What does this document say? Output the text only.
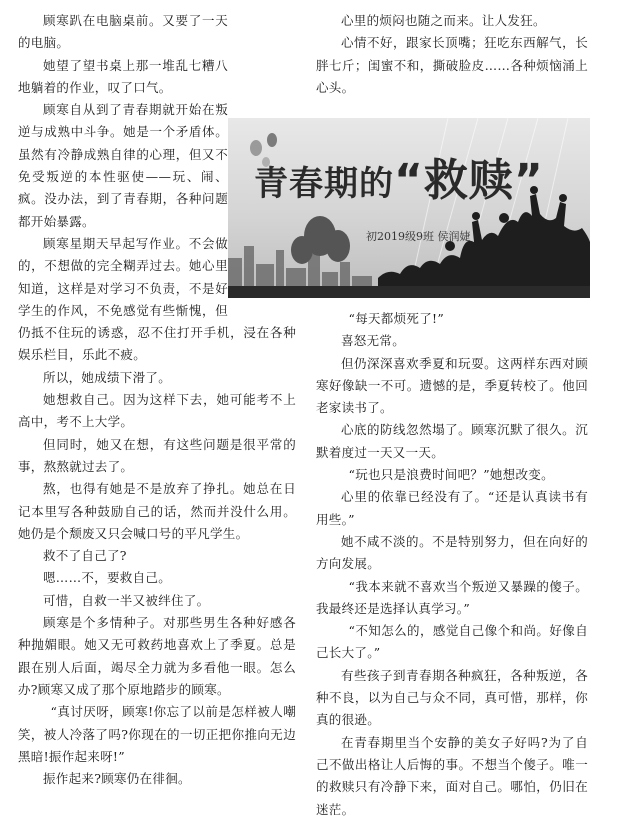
顾寒趴在电脑桌前。又要了一天的电脑。

她望了望书桌上那一堆乱七糟八地躺着的作业，叹了口气。

顾寒自从到了青春期就开始在叛逆与成熟中斗争。她是一个矛盾体。虽然有冷静成熟自律的心理，但又不免受叛逆的本性驱使——玩、闹、疯。没办法，到了青春期，各种问题都开始暴露。

顾寒星期天早起写作业。不会做的，不想做的完全糊弄过去。她心里知道，这样是对学习不负责，不是好学生的作风，不免感觉有些惭愧，但仍抵不住玩的诱惑，忍不住打开手机，浸在各种娱乐栏目，乐此不疲。

所以，她成绩下滑了。

她想救自己。因为这样下去，她可能考不上高中，考不上大学。

但同时，她又在想，有这些问题是很平常的事，熬熬就过去了。

熬，也得有她是不是放弃了挣扎。她总在日记本里写各种鼓励自己的话，然而并没什么用。她仍是个颓废又只会喊口号的平凡学生。

救不了自己了?

嗯……不，要救自己。

可惜，自救一半又被绊住了。

顾寒是个多情种子。对那些男生各种好感各种抛媚眼。她又无可救药地喜欢上了季夏。总是跟在别人后面，竭尽全力就为多看他一眼。怎么办?顾寒又成了那个原地踏步的顾寒。

“真讨厌呀，顾寒!你忘了以前是怎样被人嘲笑，被人冷落了吗?你现在的一切正把你推向无边黑暗!振作起来呀!”

振作起来?顾寒仍在徘徊。

心里的烦闷也随之而来。让人发狂。

心情不好，跟家长顶嘴；狂吃东西解气，长胖七斤；闺蜜不和，撕破脸皮……各种烦恼涌上心头。

青春期的“救赎”
初2019级9班 侯润婕

“每天都烦死了!”

喜怒无常。

但仍深深喜欢季夏和玩耍。这两样东西对顾寒好像缺一不可。遗憾的是，季夏转校了。他回老家读书了。

心底的防线忽然塌了。顾寒沉默了很久。沉默着度过一天又一天。

“玩也只是浪费时间吧？”她想改变。

心里的依靠已经没有了。“还是认真读书有用些。”

她不咸不淡的。不是特别努力，但在向好的方向发展。

“我本来就不喜欢当个叛逆又暴躁的傻子。我最终还是选择认真学习。”

“不知怎么的，感觉自己像个和尚。好像自己长大了。”

有些孩子到青春期各种疯狂，各种叛逆，各种不良，以为自己与众不同，真可惜，那样，你真的很逊。

在青春期里当个安静的美女子好吗?为了自己不做出格让人后悔的事。不想当个傻子。唯一的救赎只有冷静下来，面对自己。哪怕，仍旧在迷茫。
